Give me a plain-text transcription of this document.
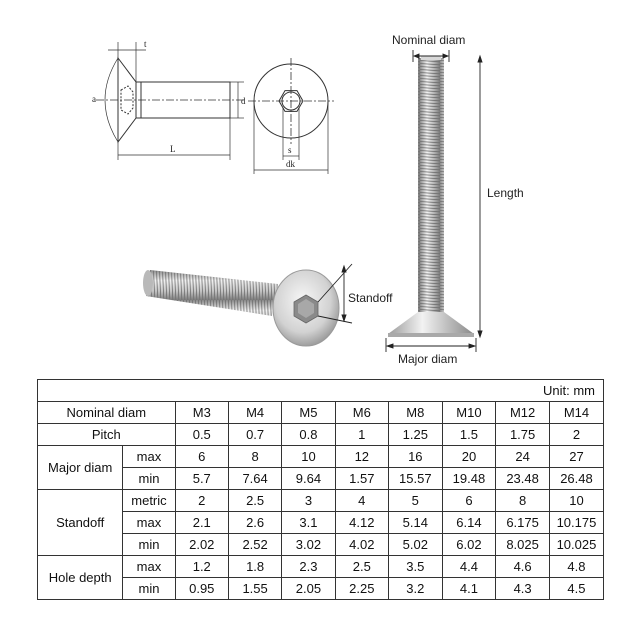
t
a	d
L	s
dk
Nominal diam
Length
Standoff
Major diam
Unit: mm									
Nominal diam		M3	M4	M5	M6	M8	M10	M12	M14
Pitch		0.5	0.7	0.8	1	1.25	1.5	1.75	2
Major diam	max	6	8	10	12	16	20	24	27
	min	5.7	7.64	9.64	1.57	15.57	19.48	23.48	26.48
Standoff	metric	2	2.5	3	4	5	6	8	10
	max	2.1	2.6	3.1	4.12	5.14	6.14	6.175	10.175
	min	2.02	2.52	3.02	4.02	5.02	6.02	8.025	10.025
Hole depth	max	1.2	1.8	2.3	2.5	3.5	4.4	4.6	4.8
	min	0.95	1.55	2.05	2.25	3.2	4.1	4.3	4.5
